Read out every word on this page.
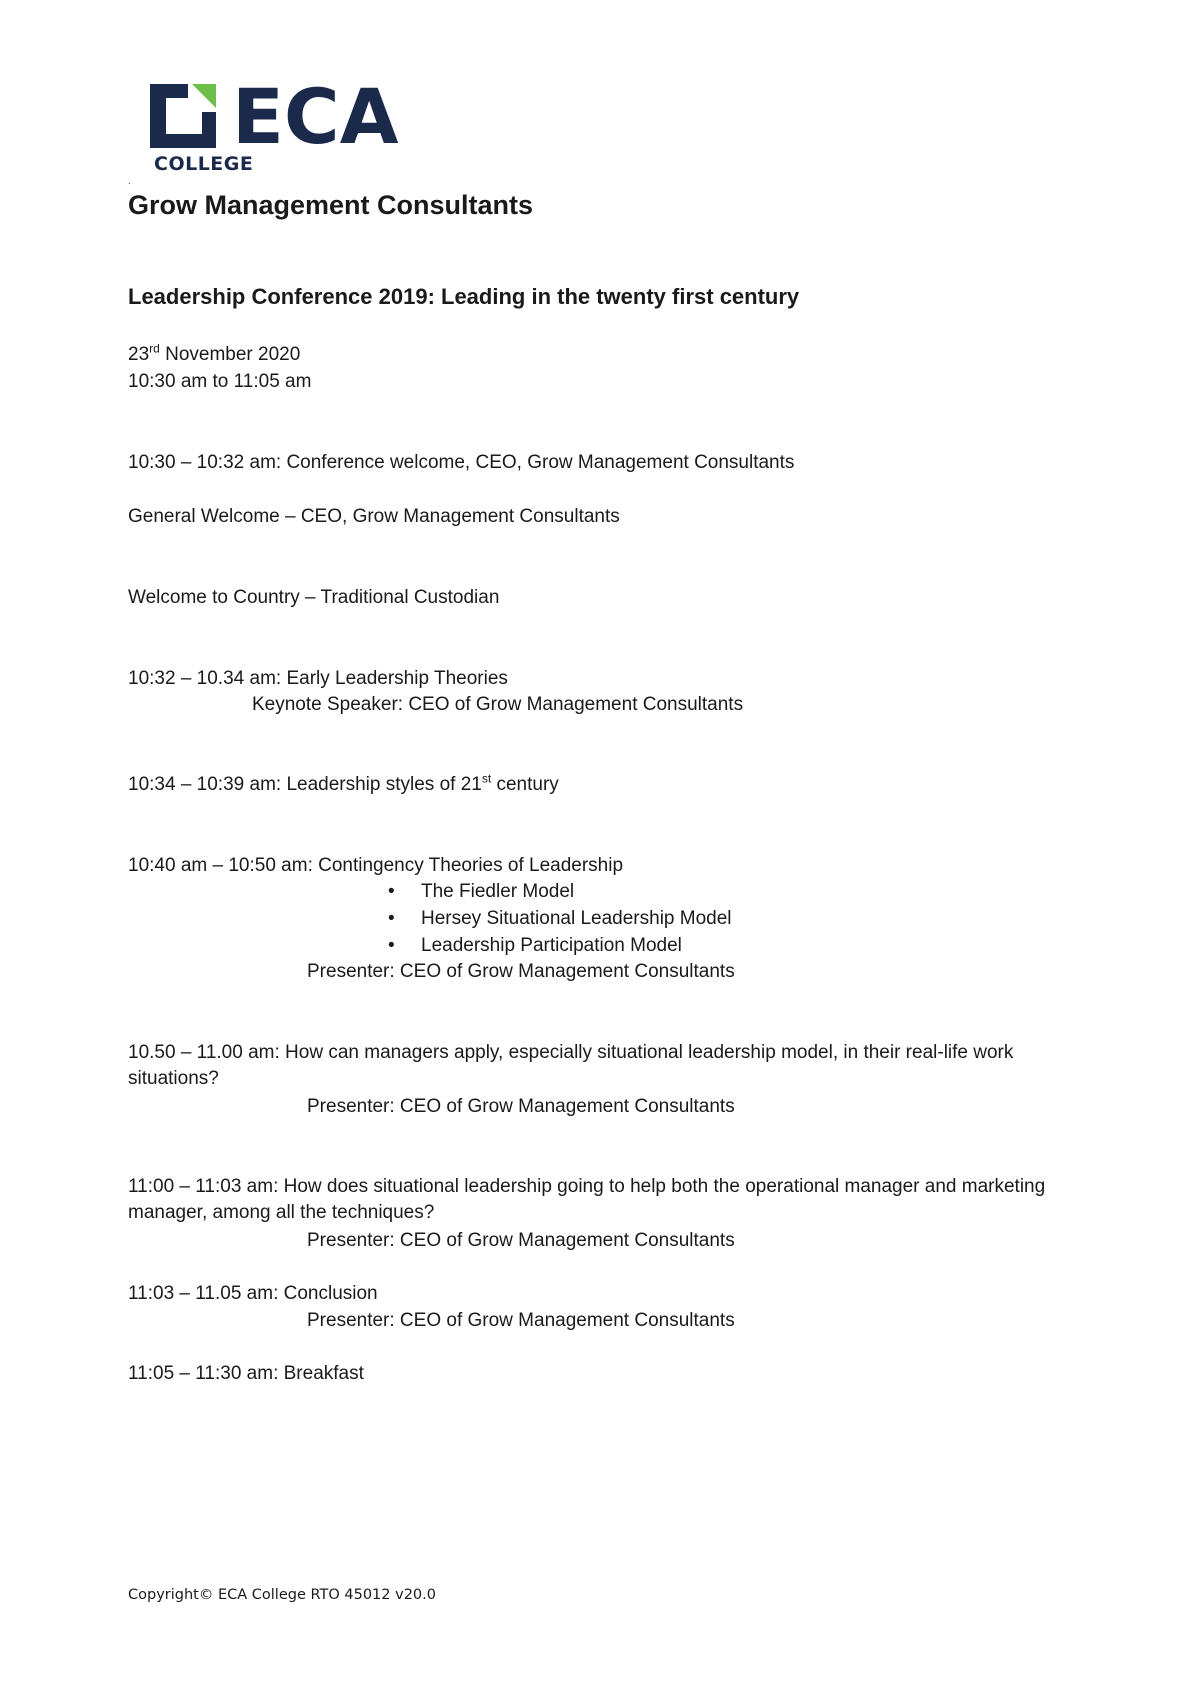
ECA
COLLEGE
.
Grow Management Consultants
Leadership Conference 2019: Leading in the twenty first century

23rd November 2020

10:30 am to 11:05 am

10:30 – 10:32 am: Conference welcome, CEO, Grow Management Consultants

General Welcome – CEO, Grow Management Consultants

Welcome to Country – Traditional Custodian

10:32 – 10.34 am: Early Leadership Theories

Keynote Speaker: CEO of Grow Management Consultants

10:34 – 10:39 am: Leadership styles of 21st century

10:40 am – 10:50 am: Contingency Theories of Leadership

• The Fiedler Model
• Hersey Situational Leadership Model
• Leadership Participation Model

Presenter: CEO of Grow Management Consultants

10.50 – 11.00 am: How can managers apply, especially situational leadership model, in their real-life work situations?

Presenter: CEO of Grow Management Consultants

11:00 – 11:03 am: How does situational leadership going to help both the operational manager and marketing manager, among all the techniques?

Presenter: CEO of Grow Management Consultants

11:03 – 11.05 am: Conclusion

Presenter: CEO of Grow Management Consultants

11:05 – 11:30 am: Breakfast

Copyright© ECA College RTO 45012 v20.0
